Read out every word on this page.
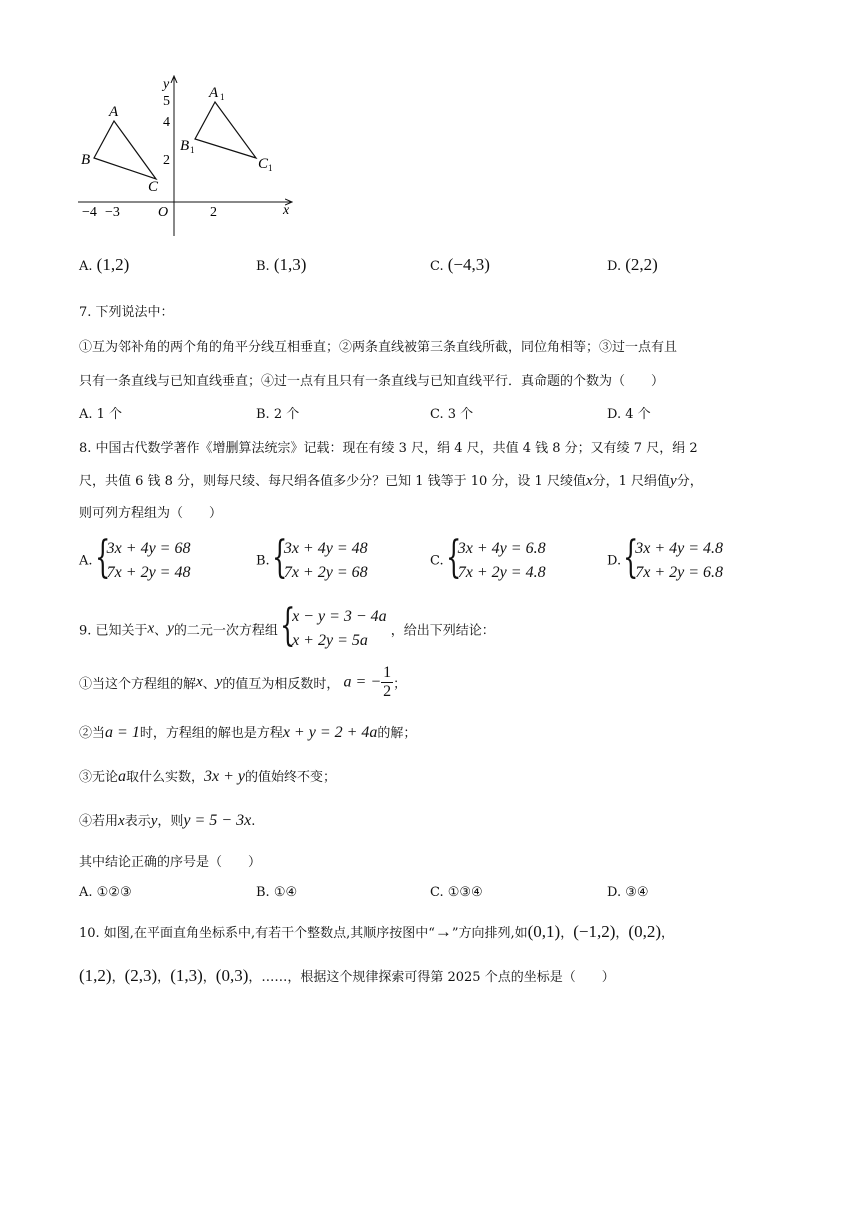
x
y
O
−4 −3	2
5
4
2
A
B
C
A 1
B 1
C 1
A. (1,2)	B. (1,3)	C. (−4,3)	D. (2,2)
7. 下列说法中：
①互为邻补角的两个角的角平分线互相垂直；②两条直线被第三条直线所截，同位角相等；③过一点有且
只有一条直线与已知直线垂直；④过一点有且只有一条直线与已知直线平行．真命题的个数为（　　）
A. 1 个	B. 2 个	C. 3 个	D. 4 个
8. 中国古代数学著作《增删算法统宗》记载：现在有绫 3 尺，绢 4 尺，共值 4 钱 8 分；又有绫 7 尺，绢 2
尺，共值 6 钱 8 分，则每尺绫、每尺绢各值多少分？已知 1 钱等于 10 分，设 1 尺绫值x分，1 尺绢值y分，
则可列方程组为（　　）
A. {
3x + 4y = 68
7x + 2y = 48
B. {
3x + 4y = 48
7x + 2y = 68
C. {
3x + 4y = 6.8
7x + 2y = 4.8
D. {
3x + 4y = 4.8
7x + 2y = 6.8
9. 已知关于x、y的二元一次方程组 {
x − y = 3 − 4a
x + 2y = 5a
，给出下列结论：
①当这个方程组的解x、y的值互为相反数时， a = − $\frac{1}{2}$ ；
②当a = 1时，方程组的解也是方程x + y = 2 + 4a的解；
③无论a取什么实数，3x + y的值始终不变；
④若用x表示y，则y = 5 − 3x.
其中结论正确的序号是（　　）
A. ①②③	B. ①④	C. ①③④	D. ③④
10. 如图,在平面直角坐标系中,有若干个整数点,其顺序按图中“→”方向排列,如(0,1)，(−1,2)，(0,2)，
(1,2)，(2,3)，(1,3)，(0,3)，……，根据这个规律探索可得第 2025 个点的坐标是（　　）
